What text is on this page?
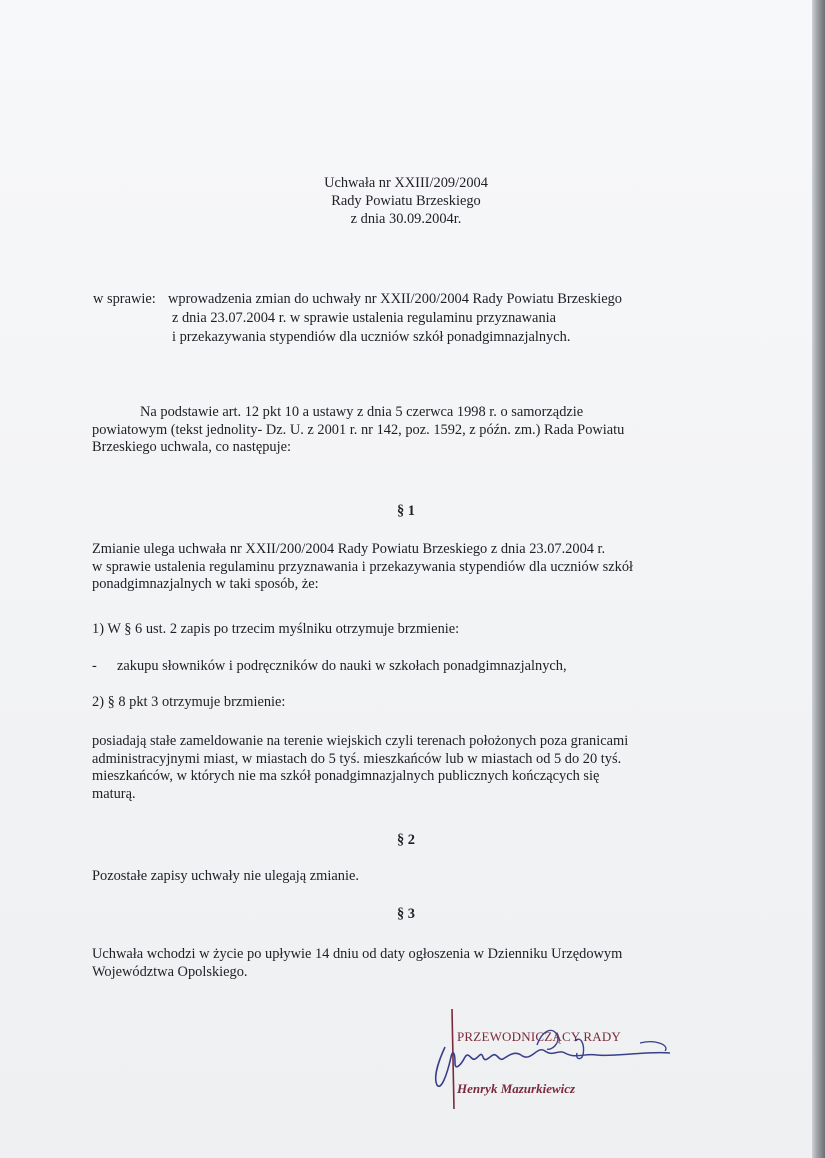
Uchwała nr XXIII/209/2004
Rady Powiatu Brzeskiego
z dnia 30.09.2004r.
w sprawie: wprowadzenia zmian do uchwały nr XXII/200/2004 Rady Powiatu Brzeskiego
z dnia 23.07.2004 r. w sprawie ustalenia regulaminu przyznawania
i przekazywania stypendiów dla uczniów szkół ponadgimnazjalnych.
Na podstawie art. 12 pkt 10 a ustawy z dnia 5 czerwca 1998 r. o samorządzie
powiatowym (tekst jednolity- Dz. U. z 2001 r. nr 142, poz. 1592, z późn. zm.) Rada Powiatu
Brzeskiego uchwala, co następuje:
§ 1
Zmianie ulega uchwała nr XXII/200/2004 Rady Powiatu Brzeskiego z dnia 23.07.2004 r.
w sprawie ustalenia regulaminu przyznawania i przekazywania stypendiów dla uczniów szkół
ponadgimnazjalnych w taki sposób, że:
1) W § 6 ust. 2 zapis po trzecim myślniku otrzymuje brzmienie:
- zakupu słowników i podręczników do nauki w szkołach ponadgimnazjalnych,
2) § 8 pkt 3 otrzymuje brzmienie:
posiadają stałe zameldowanie na terenie wiejskich czyli terenach położonych poza granicami
administracyjnymi miast, w miastach do 5 tyś. mieszkańców lub w miastach od 5 do 20 tyś.
mieszkańców, w których nie ma szkół ponadgimnazjalnych publicznych kończących się
maturą.
§ 2
Pozostałe zapisy uchwały nie ulegają zmianie.
§ 3
Uchwała wchodzi w życie po upływie 14 dniu od daty ogłoszenia w Dzienniku Urzędowym
Województwa Opolskiego.
PRZEWODNICZĄCY RADY
Henryk Mazurkiewicz
